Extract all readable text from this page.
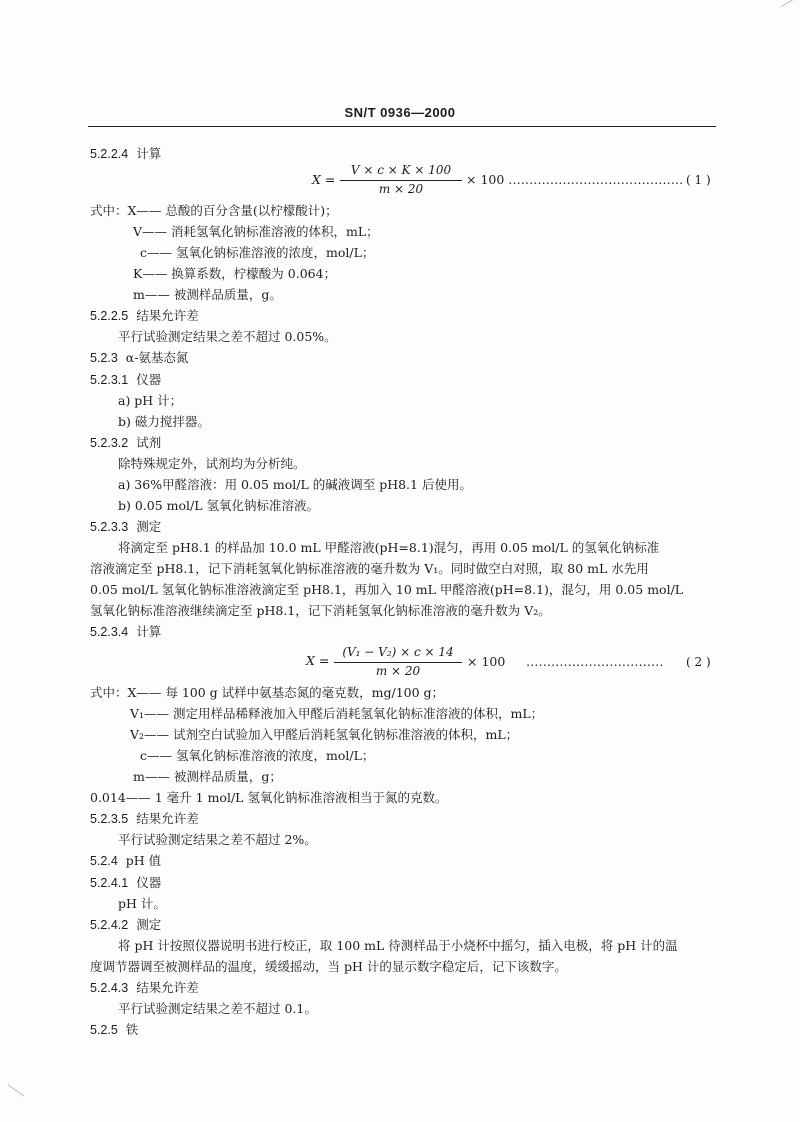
SN/T 0936—2000
5.2.2.4 计算
X =
V × c × K × 100
m × 20
× 100 …………………………………… ( 1 )
式中：X—— 总酸的百分含量(以柠檬酸计)；
V—— 消耗氢氧化钠标准溶液的体积，mL；
c—— 氢氧化钠标准溶液的浓度，mol/L；
K—— 换算系数，柠檬酸为 0.064；
m—— 被测样品质量，g。
5.2.2.5 结果允许差
平行试验测定结果之差不超过 0.05%。
5.2.3 α-氨基态氮
5.2.3.1 仪器
a) pH 计；
b) 磁力搅拌器。
5.2.3.2 试剂
除特殊规定外，试剂均为分析纯。
a) 36%甲醛溶液：用 0.05 mol/L 的碱液调至 pH8.1 后使用。
b) 0.05 mol/L 氢氧化钠标准溶液。
5.2.3.3 测定
将滴定至 pH8.1 的样品加 10.0 mL 甲醛溶液(pH=8.1)混匀，再用 0.05 mol/L 的氢氧化钠标准
溶液滴定至 pH8.1，记下消耗氢氧化钠标准溶液的毫升数为 V₁。同时做空白对照，取 80 mL 水先用
0.05 mol/L 氢氧化钠标准溶液滴定至 pH8.1，再加入 10 mL 甲醛溶液(pH=8.1)，混匀，用 0.05 mol/L
氢氧化钠标准溶液继续滴定至 pH8.1，记下消耗氢氧化钠标准溶液的毫升数为 V₂。
5.2.3.4 计算
X =
(V₁ − V₂) × c × 14
m × 20
× 100 …………………………… ( 2 )
式中：X—— 每 100 g 试样中氨基态氮的毫克数，mg/100 g；
V₁—— 测定用样品稀释液加入甲醛后消耗氢氧化钠标准溶液的体积，mL；
V₂—— 试剂空白试验加入甲醛后消耗氢氧化钠标准溶液的体积，mL；
c—— 氢氧化钠标准溶液的浓度，mol/L；
m—— 被测样品质量，g；
0.014—— 1 毫升 1 mol/L 氢氧化钠标准溶液相当于氮的克数。
5.2.3.5 结果允许差
平行试验测定结果之差不超过 2%。
5.2.4 pH 值
5.2.4.1 仪器
pH 计。
5.2.4.2 测定
将 pH 计按照仪器说明书进行校正，取 100 mL 待测样品于小烧杯中摇匀，插入电极，将 pH 计的温
度调节器调至被测样品的温度，缓缓摇动，当 pH 计的显示数字稳定后，记下该数字。
5.2.4.3 结果允许差
平行试验测定结果之差不超过 0.1。
5.2.5 铁
